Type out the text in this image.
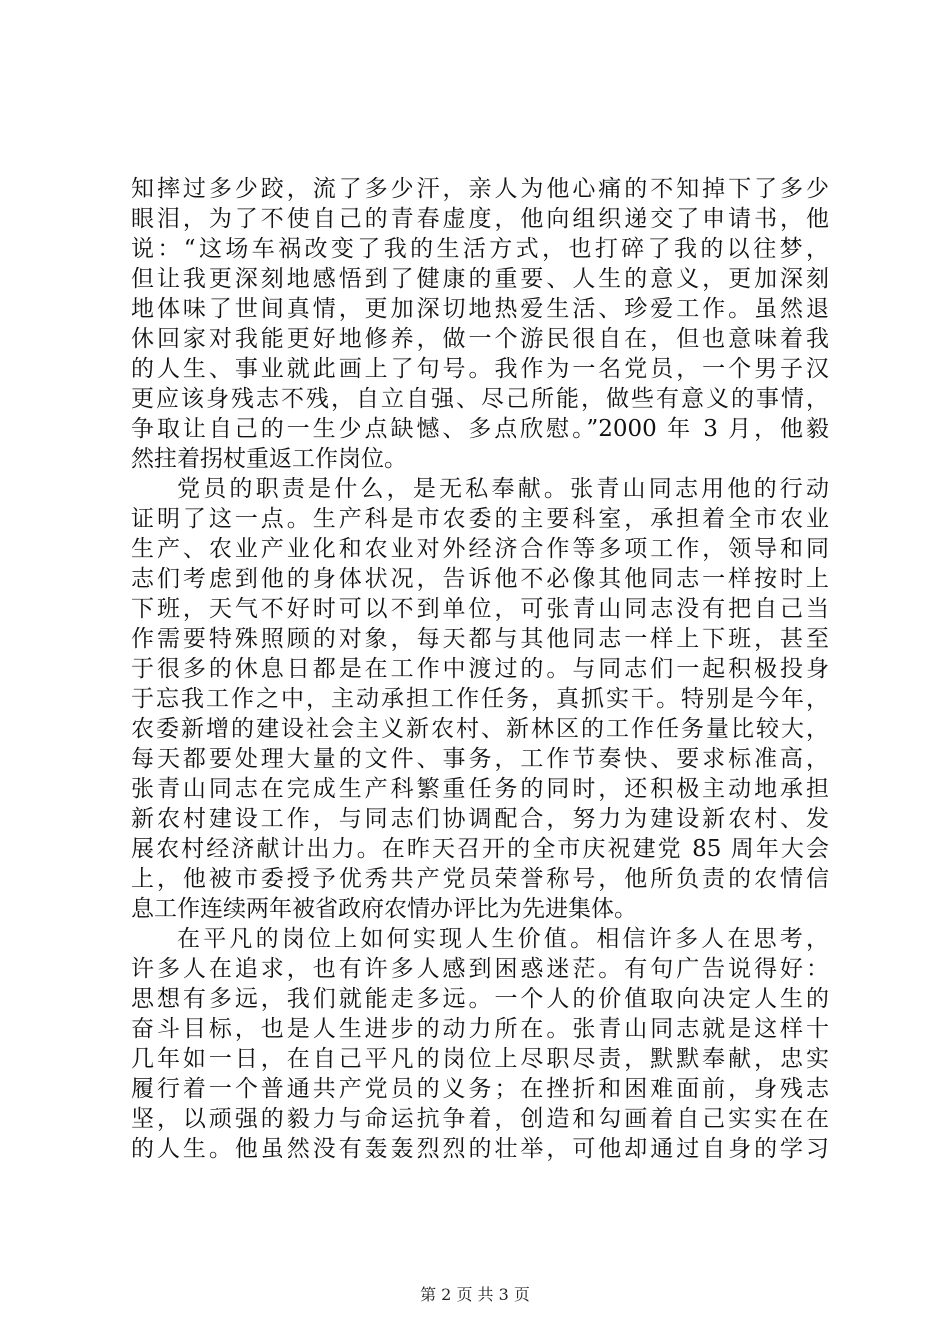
知摔过多少跤，流了多少汗，亲人为他心痛的不知掉下了多少
眼泪，为了不使自己的青春虚度，他向组织递交了申请书，他
说：“这场车祸改变了我的生活方式，也打碎了我的以往梦，
但让我更深刻地感悟到了健康的重要、人生的意义，更加深刻
地体味了世间真情，更加深切地热爱生活、珍爱工作。虽然退
休回家对我能更好地修养，做一个游民很自在，但也意味着我
的人生、事业就此画上了句号。我作为一名党员，一个男子汉
更应该身残志不残，自立自强、尽己所能，做些有意义的事情，
争取让自己的一生少点缺憾、多点欣慰。”2000 年 3 月，他毅
然拄着拐杖重返工作岗位。
党员的职责是什么，是无私奉献。张青山同志用他的行动
证明了这一点。生产科是市农委的主要科室，承担着全市农业
生产、农业产业化和农业对外经济合作等多项工作，领导和同
志们考虑到他的身体状况，告诉他不必像其他同志一样按时上
下班，天气不好时可以不到单位，可张青山同志没有把自己当
作需要特殊照顾的对象，每天都与其他同志一样上下班，甚至
于很多的休息日都是在工作中渡过的。与同志们一起积极投身
于忘我工作之中，主动承担工作任务，真抓实干。特别是今年，
农委新增的建设社会主义新农村、新林区的工作任务量比较大，
每天都要处理大量的文件、事务，工作节奏快、要求标准高，
张青山同志在完成生产科繁重任务的同时，还积极主动地承担
新农村建设工作，与同志们协调配合，努力为建设新农村、发
展农村经济献计出力。在昨天召开的全市庆祝建党 85 周年大会
上，他被市委授予优秀共产党员荣誉称号，他所负责的农情信
息工作连续两年被省政府农情办评比为先进集体。
在平凡的岗位上如何实现人生价值。相信许多人在思考，
许多人在追求，也有许多人感到困惑迷茫。有句广告说得好：
思想有多远，我们就能走多远。一个人的价值取向决定人生的
奋斗目标，也是人生进步的动力所在。张青山同志就是这样十
几年如一日，在自己平凡的岗位上尽职尽责，默默奉献，忠实
履行着一个普通共产党员的义务；在挫折和困难面前，身残志
坚，以顽强的毅力与命运抗争着，创造和勾画着自己实实在在
的人生。他虽然没有轰轰烈烈的壮举，可他却通过自身的学习
第 2 页 共 3 页
